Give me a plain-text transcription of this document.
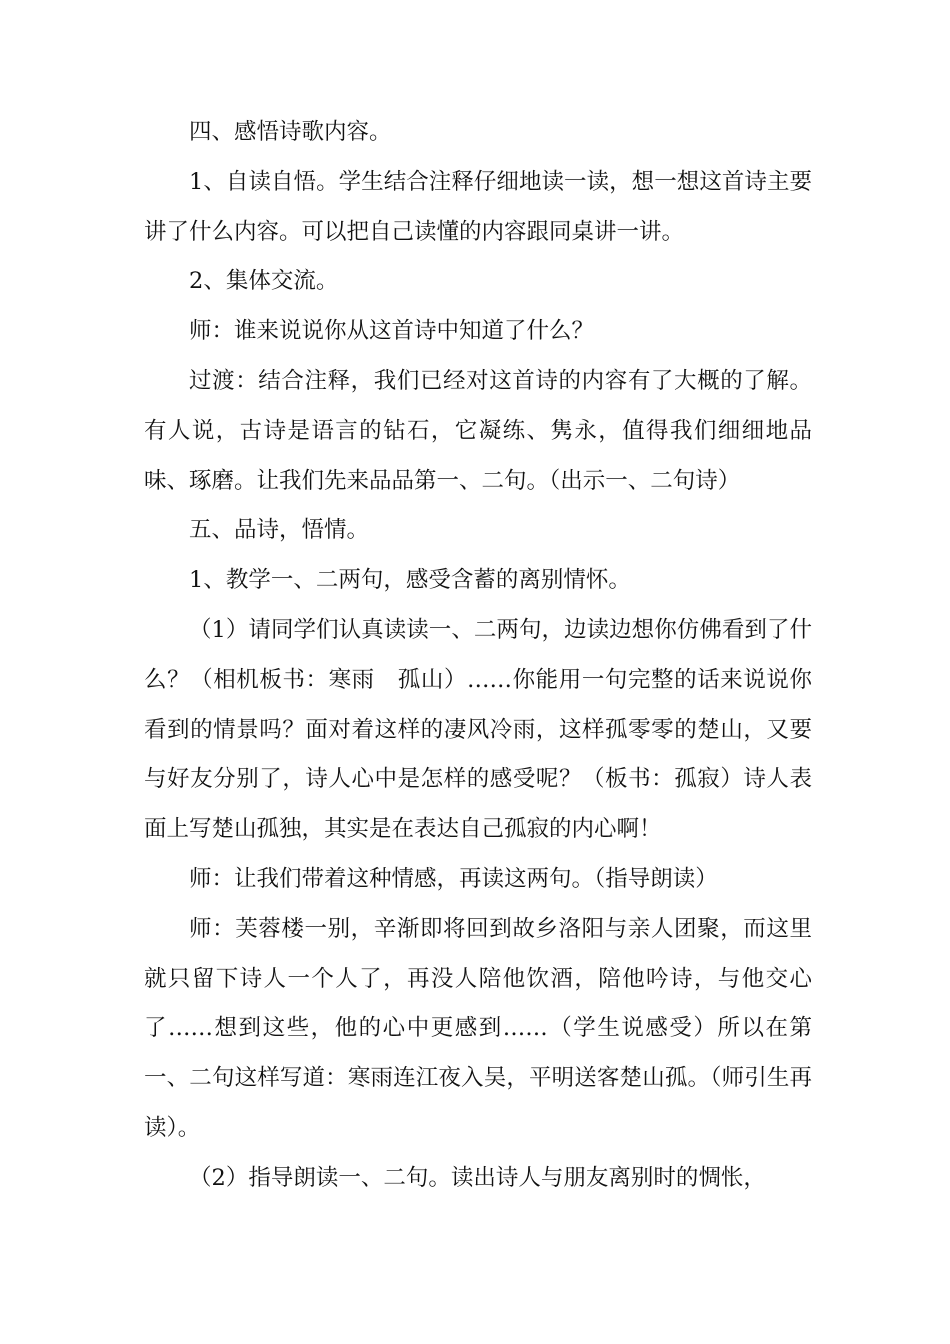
四、感悟诗歌内容。

1、自读自悟。学生结合注释仔细地读一读，想一想这首诗主要讲了什么内容。可以把自己读懂的内容跟同桌讲一讲。

2、集体交流。

师：谁来说说你从这首诗中知道了什么？

过渡：结合注释，我们已经对这首诗的内容有了大概的了解。有人说，古诗是语言的钻石，它凝练、隽永，值得我们细细地品味、琢磨。让我们先来品品第一、二句。（出示一、二句诗）

五、品诗，悟情。

1、教学一、二两句，感受含蓄的离别情怀。

（1）请同学们认真读读一、二两句，边读边想你仿佛看到了什么？（相机板书：寒雨　孤山）……你能用一句完整的话来说说你看到的情景吗？面对着这样的凄风冷雨，这样孤零零的楚山，又要与好友分别了，诗人心中是怎样的感受呢？（板书：孤寂）诗人表面上写楚山孤独，其实是在表达自己孤寂的内心啊！

师：让我们带着这种情感，再读这两句。（指导朗读）

师：芙蓉楼一别，辛渐即将回到故乡洛阳与亲人团聚，而这里就只留下诗人一个人了，再没人陪他饮酒，陪他吟诗，与他交心了……想到这些，他的心中更感到……（学生说感受）所以在第一、二句这样写道：寒雨连江夜入吴，平明送客楚山孤。（师引生再读）。

（2）指导朗读一、二句。读出诗人与朋友离别时的惆怅，
